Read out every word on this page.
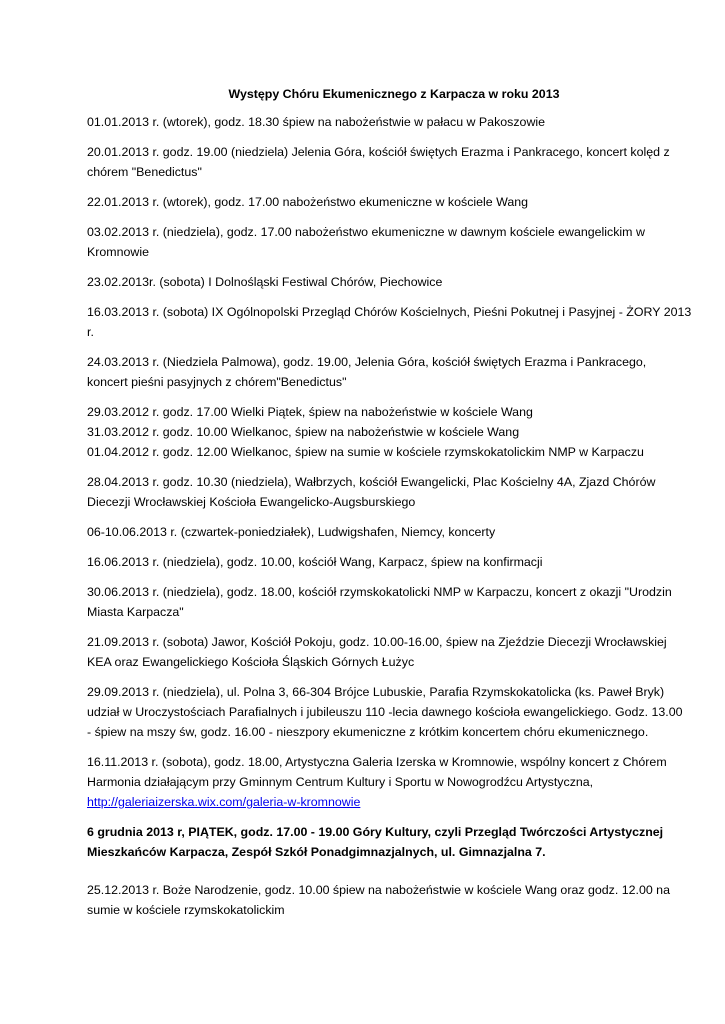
Występy Chóru Ekumenicznego z Karpacza w roku 2013
01.01.2013 r. (wtorek), godz. 18.30 śpiew na nabożeństwie w pałacu w Pakoszowie
20.01.2013 r. godz. 19.00 (niedziela) Jelenia Góra, kościół świętych Erazma i Pankracego, koncert kolęd z
chórem "Benedictus"
22.01.2013 r. (wtorek), godz. 17.00 nabożeństwo ekumeniczne w kościele Wang
03.02.2013 r. (niedziela), godz. 17.00 nabożeństwo ekumeniczne w dawnym kościele ewangelickim w
Kromnowie
23.02.2013r. (sobota) I Dolnośląski Festiwal Chórów, Piechowice
16.03.2013 r. (sobota) IX Ogólnopolski Przegląd Chórów Kościelnych, Pieśni Pokutnej i Pasyjnej - ŻORY 2013
r.
24.03.2013 r. (Niedziela Palmowa), godz. 19.00, Jelenia Góra, kościół świętych Erazma i Pankracego,
koncert pieśni pasyjnych z chórem"Benedictus"
29.03.2012 r. godz. 17.00 Wielki Piątek, śpiew na nabożeństwie w kościele Wang
31.03.2012 r. godz. 10.00 Wielkanoc, śpiew na nabożeństwie w kościele Wang
01.04.2012 r. godz. 12.00 Wielkanoc, śpiew na sumie w kościele rzymskokatolickim NMP w Karpaczu
28.04.2013 r. godz. 10.30 (niedziela), Wałbrzych, kościół Ewangelicki, Plac Kościelny 4A, Zjazd Chórów
Diecezji Wrocławskiej Kościoła Ewangelicko-Augsburskiego
06-10.06.2013 r. (czwartek-poniedziałek), Ludwigshafen, Niemcy, koncerty
16.06.2013 r. (niedziela), godz. 10.00, kościół Wang, Karpacz, śpiew na konfirmacji
30.06.2013 r. (niedziela), godz. 18.00, kościół rzymskokatolicki NMP w Karpaczu, koncert z okazji "Urodzin
Miasta Karpacza"
21.09.2013 r. (sobota) Jawor, Kościół Pokoju, godz. 10.00-16.00, śpiew na Zjeździe Diecezji Wrocławskiej
KEA oraz Ewangelickiego Kościoła Śląskich Górnych Łużyc
29.09.2013 r. (niedziela), ul. Polna 3, 66-304 Brójce Lubuskie, Parafia Rzymskokatolicka (ks. Paweł Bryk)
udział w Uroczystościach Parafialnych i jubileuszu 110 -lecia dawnego kościoła ewangelickiego. Godz. 13.00
- śpiew na mszy św, godz. 16.00 - nieszpory ekumeniczne z krótkim koncertem chóru ekumenicznego.
16.11.2013 r. (sobota), godz. 18.00, Artystyczna Galeria Izerska w Kromnowie, wspólny koncert z Chórem
Harmonia działającym przy Gminnym Centrum Kultury i Sportu w Nowogrodźcu Artystyczna,
http://galeriaizerska.wix.com/galeria-w-kromnowie
6 grudnia 2013 r, PIĄTEK, godz. 17.00 - 19.00 Góry Kultury, czyli Przegląd Twórczości Artystycznej
Mieszkańców Karpacza, Zespół Szkół Ponadgimnazjalnych, ul. Gimnazjalna 7.
25.12.2013 r. Boże Narodzenie, godz. 10.00 śpiew na nabożeństwie w kościele Wang oraz godz. 12.00 na
sumie w kościele rzymskokatolickim
